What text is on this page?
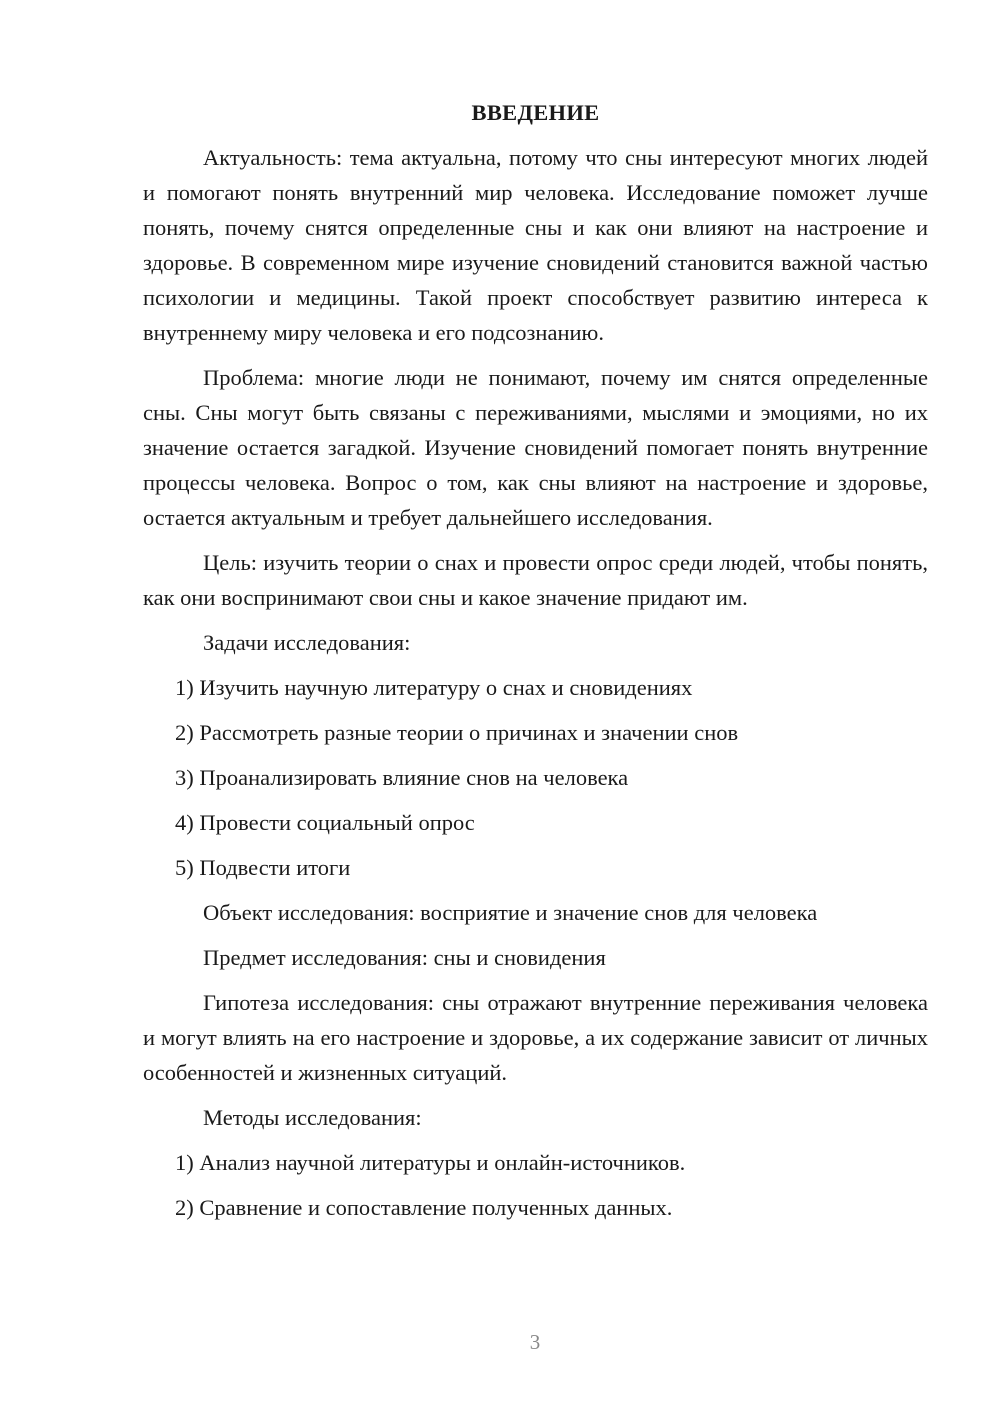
ВВЕДЕНИЕ

Актуальность: тема актуальна, потому что сны интересуют многих людей и помогают понять внутренний мир человека. Исследование поможет лучше понять, почему снятся определенные сны и как они влияют на настроение и здоровье. В современном мире изучение сновидений становится важной частью психологии и медицины. Такой проект способствует развитию интереса к внутреннему миру человека и его подсознанию.

Проблема: многие люди не понимают, почему им снятся определенные сны. Сны могут быть связаны с переживаниями, мыслями и эмоциями, но их значение остается загадкой. Изучение сновидений помогает понять внутренние процессы человека. Вопрос о том, как сны влияют на настроение и здоровье, остается актуальным и требует дальнейшего исследования.

Цель: изучить теории о снах и провести опрос среди людей, чтобы понять, как они воспринимают свои сны и какое значение придают им.

Задачи исследования:

1) Изучить научную литературу о снах и сновидениях

2) Рассмотреть разные теории о причинах и значении снов

3) Проанализировать влияние снов на человека

4) Провести социальный опрос

5) Подвести итоги

Объект исследования: восприятие и значение снов для человека

Предмет исследования: сны и сновидения

Гипотеза исследования: сны отражают внутренние переживания человека и могут влиять на его настроение и здоровье, а их содержание зависит от личных особенностей и жизненных ситуаций.

Методы исследования:

1) Анализ научной литературы и онлайн-источников.

2) Сравнение и сопоставление полученных данных.

3
